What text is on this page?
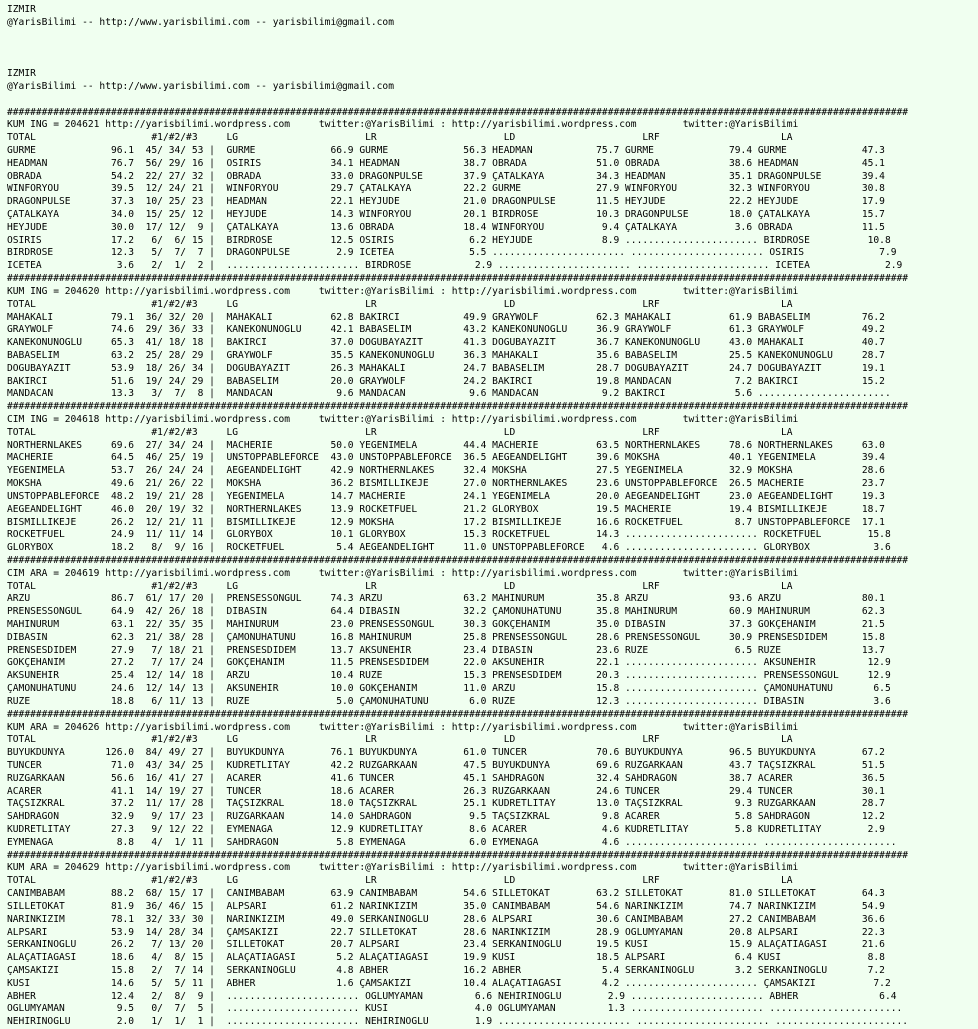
IZMIR
@YarisBilimi -- http://www.yarisbilimi.com -- yarisbilimi@gmail.com
IZMIR
@YarisBilimi -- http://www.yarisbilimi.com -- yarisbilimi@gmail.com
############################################################################################################################################################
KUM ING = 204621 http://yarisbilimi.wordpress.com     twitter:@YarisBilimi : http://yarisbilimi.wordpress.com        twitter:@YarisBilimi
TOTAL                    #1/#2/#3     LG                      LR                      LD                      LRF                     LA
GURME             96.1  45/ 34/ 53 |  GURME             66.9 GURME             56.3 HEADMAN           75.7 GURME             79.4 GURME             47.3
HEADMAN           76.7  56/ 29/ 16 |  OSIRIS            34.1 HEADMAN           38.7 OBRADA            51.0 OBRADA            38.6 HEADMAN           45.1
OBRADA            54.2  22/ 27/ 32 |  OBRADA            33.0 DRAGONPULSE       37.9 ÇATALKAYA         34.3 HEADMAN           35.1 DRAGONPULSE       39.4
WINFORYOU         39.5  12/ 24/ 21 |  WINFORYOU         29.7 ÇATALKAYA         22.2 GURME             27.9 WINFORYOU         32.3 WINFORYOU         30.8
DRAGONPULSE       37.3  10/ 25/ 23 |  HEADMAN           22.1 HEYJUDE           21.0 DRAGONPULSE       11.5 HEYJUDE           22.2 HEYJUDE           17.9
ÇATALKAYA         34.0  15/ 25/ 12 |  HEYJUDE           14.3 WINFORYOU         20.1 BIRDROSE          10.3 DRAGONPULSE       18.0 ÇATALKAYA         15.7
HEYJUDE           30.0  17/ 12/  9 |  ÇATALKAYA         13.6 OBRADA            18.4 WINFORYOU          9.4 ÇATALKAYA          3.6 OBRADA            11.5
OSIRIS            17.2   6/  6/ 15 |  BIRDROSE          12.5 OSIRIS             6.2 HEYJUDE            8.9 ....................... BIRDROSE          10.8
BIRDROSE          12.3   5/  7/  7 |  DRAGONPULSE        2.9 ICETEA             5.5 ....................... ....................... OSIRIS             7.9
ICETEA             3.6   2/  1/  2 |  ....................... BIRDROSE           2.9 ....................... ....................... ICETEA             2.9
############################################################################################################################################################
KUM ING = 204620 http://yarisbilimi.wordpress.com     twitter:@YarisBilimi : http://yarisbilimi.wordpress.com        twitter:@YarisBilimi
TOTAL                    #1/#2/#3     LG                      LR                      LD                      LRF                     LA
MAHAKALI          79.1  36/ 32/ 20 |  MAHAKALI          62.8 BAKIRCI           49.9 GRAYWOLF          62.3 MAHAKALI          61.9 BABASELIM         76.2
GRAYWOLF          74.6  29/ 36/ 33 |  KANEKONUNOGLU     42.1 BABASELIM         43.2 KANEKONUNOGLU     36.9 GRAYWOLF          61.3 GRAYWOLF          49.2
KANEKONUNOGLU     65.3  41/ 18/ 18 |  BAKIRCI           37.0 DOGUBAYAZIT       41.3 DOGUBAYAZIT       36.7 KANEKONUNOGLU     43.0 MAHAKALI          40.7
BABASELIM         63.2  25/ 28/ 29 |  GRAYWOLF          35.5 KANEKONUNOGLU     36.3 MAHAKALI          35.6 BABASELIM         25.5 KANEKONUNOGLU     28.7
DOGUBAYAZIT       53.9  18/ 26/ 34 |  DOGUBAYAZIT       26.3 MAHAKALI          24.7 BABASELIM         28.7 DOGUBAYAZIT       24.7 DOGUBAYAZIT       19.1
BAKIRCI           51.6  19/ 24/ 29 |  BABASELIM         20.0 GRAYWOLF          24.2 BAKIRCI           19.8 MANDACAN           7.2 BAKIRCI           15.2
MANDACAN          13.3   3/  7/  8 |  MANDACAN           9.6 MANDACAN           9.6 MANDACAN           9.2 BAKIRCI            5.6 .......................
############################################################################################################################################################
CIM ING = 204618 http://yarisbilimi.wordpress.com     twitter:@YarisBilimi : http://yarisbilimi.wordpress.com        twitter:@YarisBilimi
TOTAL                    #1/#2/#3     LG                      LR                      LD                      LRF                     LA
NORTHERNLAKES     69.6  27/ 34/ 24 |  MACHERIE          50.0 YEGENIMELA        44.4 MACHERIE          63.5 NORTHERNLAKES     78.6 NORTHERNLAKES     63.0
MACHERIE          64.5  46/ 25/ 19 |  UNSTOPPABLEFORCE  43.0 UNSTOPPABLEFORCE  36.5 AEGEANDELIGHT     39.6 MOKSHA            40.1 YEGENIMELA        39.4
YEGENIMELA        53.7  26/ 24/ 24 |  AEGEANDELIGHT     42.9 NORTHERNLAKES     32.4 MOKSHA            27.5 YEGENIMELA        32.9 MOKSHA            28.6
MOKSHA            49.6  21/ 26/ 22 |  MOKSHA            36.2 BISMILLIKEJE      27.0 NORTHERNLAKES     23.6 UNSTOPPABLEFORCE  26.5 MACHERIE          23.7
UNSTOPPABLEFORCE  48.2  19/ 21/ 28 |  YEGENIMELA        14.7 MACHERIE          24.1 YEGENIMELA        20.0 AEGEANDELIGHT     23.0 AEGEANDELIGHT     19.3
AEGEANDELIGHT     46.0  20/ 19/ 32 |  NORTHERNLAKES     13.9 ROCKETFUEL        21.2 GLORYBOX          19.5 MACHERIE          19.4 BISMILLIKEJE      18.7
BISMILLIKEJE      26.2  12/ 21/ 11 |  BISMILLIKEJE      12.9 MOKSHA            17.2 BISMILLIKEJE      16.6 ROCKETFUEL         8.7 UNSTOPPABLEFORCE  17.1
ROCKETFUEL        24.9  11/ 11/ 14 |  GLORYBOX          10.1 GLORYBOX          15.3 ROCKETFUEL        14.3 ....................... ROCKETFUEL        15.8
GLORYBOX          18.2   8/  9/ 16 |  ROCKETFUEL         5.4 AEGEANDELIGHT     11.0 UNSTOPPABLEFORCE   4.6 ....................... GLORYBOX           3.6
############################################################################################################################################################
CIM ARA = 204619 http://yarisbilimi.wordpress.com     twitter:@YarisBilimi : http://yarisbilimi.wordpress.com        twitter:@YarisBilimi
TOTAL                    #1/#2/#3     LG                      LR                      LD                      LRF                     LA
ARZU              86.7  61/ 17/ 20 |  PRENSESSONGÜL     74.3 ARZU              63.2 MAHINURUM         35.8 ARZU              93.6 ARZU              80.1
PRENSESSONGÜL     64.9  42/ 26/ 18 |  DIBASIN           64.4 DIBASIN           32.2 ÇAMÖNÜHATUNU      35.8 MAHINURUM         60.9 MAHINURUM         62.3
MAHINURUM         63.1  22/ 35/ 35 |  MAHINURUM         23.0 PRENSESSONGÜL     30.3 GÖKÇEHANIM        35.0 DIBASIN           37.3 GÖKÇEHANIM        21.5
DIBASIN           62.3  21/ 38/ 28 |  ÇAMÖNÜHATUNU      16.8 MAHINURUM         25.8 PRENSESSONGÜL     28.6 PRENSESSONGÜL     30.9 PRENSESDIDEM      15.8
PRENSESDIDEM      27.9   7/ 18/ 21 |  PRENSESDIDEM      13.7 AKSUNEHIR         23.4 DIBASIN           23.6 RUZE               6.5 RUZE              13.7
GÖKÇEHANIM        27.2   7/ 17/ 24 |  GÖKÇEHANIM        11.5 PRENSESDIDEM      22.0 AKSUNEHIR         22.1 ....................... AKSUNEHIR         12.9
AKSUNEHIR         25.4  12/ 14/ 18 |  ARZU              10.4 RUZE              15.3 PRENSESDIDEM      20.3 ....................... PRENSESSONGÜL     12.9
ÇAMÖNÜHATUNU      24.6  12/ 14/ 13 |  AKSUNEHIR         10.0 GÖKÇEHANIM        11.0 ARZU              15.8 ....................... ÇAMÖNÜHATUNU       6.5
RUZE              18.8   6/ 11/ 13 |  RUZE               5.0 ÇAMÖNÜHATUNU       6.0 RUZE              12.3 ....................... DIBASIN            3.6
############################################################################################################################################################
KUM ARA = 204626 http://yarisbilimi.wordpress.com     twitter:@YarisBilimi : http://yarisbilimi.wordpress.com        twitter:@YarisBilimi
TOTAL                    #1/#2/#3     LG                      LR                      LD                      LRF                     LA
BÜYÜKDÜNYA       126.0  84/ 49/ 27 |  BÜYÜKDÜNYA        76.1 BÜYÜKDÜNYA        61.0 TUNCER            70.6 BÜYÜKDÜNYA        96.5 BÜYÜKDÜNYA        67.2
TUNCER            71.0  43/ 34/ 25 |  KUDRETLITAY       42.2 RÜZGARKAAN        47.5 BÜYÜKDÜNYA        69.6 RÜZGARKAAN        43.7 TAÇSIZKRAL        51.5
RÜZGARKAAN        56.6  16/ 41/ 27 |  ACARER            41.6 TUNCER            45.1 SAHDRAGON         32.4 SAHDRAGON         38.7 ACARER            36.5
ACARER            41.1  14/ 19/ 27 |  TUNCER            18.6 ACARER            26.3 RÜZGARKAAN        24.6 TUNCER            29.4 TUNCER            30.1
TAÇSIZKRAL        37.2  11/ 17/ 28 |  TAÇSIZKRAL        18.0 TAÇSIZKRAL        25.1 KUDRETLITAY       13.0 TAÇSIZKRAL         9.3 RÜZGARKAAN        28.7
SAHDRAGON         32.9   9/ 17/ 23 |  RÜZGARKAAN        14.0 SAHDRAGON          9.5 TAÇSIZKRAL         9.8 ACARER             5.8 SAHDRAGON         12.2
KUDRETLITAY       27.3   9/ 12/ 22 |  EYMENAGA          12.9 KUDRETLITAY        8.6 ACARER             4.6 KUDRETLITAY        5.8 KUDRETLITAY        2.9
EYMENAGA           8.8   4/  1/ 11 |  SAHDRAGON          5.8 EYMENAGA           6.0 EYMENAGA           4.6 ....................... .......................
############################################################################################################################################################
KUM ARA = 204629 http://yarisbilimi.wordpress.com     twitter:@YarisBilimi : http://yarisbilimi.wordpress.com        twitter:@YarisBilimi
TOTAL                    #1/#2/#3     LG                      LR                      LD                      LRF                     LA
CANIMBABAM        88.2  68/ 15/ 17 |  CANIMBABAM        63.9 CANIMBABAM        54.6 SILLETOKAT        63.2 SILLETOKAT        81.0 SILLETOKAT        64.3
SILLETOKAT        81.9  36/ 46/ 15 |  ALPSARI           61.2 NARINKIZIM        35.0 CANIMBABAM        54.6 NARINKIZIM        74.7 NARINKIZIM        54.9
NARINKIZIM        78.1  32/ 33/ 30 |  NARINKIZIM        49.0 SERKANINOGLU      28.6 ALPSARI           30.6 CANIMBABAM        27.2 CANIMBABAM        36.6
ALPSARI           53.9  14/ 28/ 34 |  ÇAMSAKIZI         22.7 SILLETOKAT        28.6 NARINKIZIM        28.9 OGLUMYAMAN        20.8 ALPSARI           22.3
SERKANINOGLU      26.2   7/ 13/ 20 |  SILLETOKAT        20.7 ALPSARI           23.4 SERKANINOGLU      19.5 KÜSI              15.9 ALAÇATIAGASI      21.6
ALAÇATIAGASI      18.6   4/  8/ 15 |  ALAÇATIAGASI       5.2 ALAÇATIAGASI      19.9 KÜSI              18.5 ALPSARI            6.4 KÜSI               8.8
ÇAMSAKIZI         15.8   2/  7/ 14 |  SERKANINOGLU       4.8 ABHER             16.2 ABHER              5.4 SERKANINOGLU       3.2 SERKANINOGLU       7.2
KÜSI              14.6   5/  5/ 11 |  ABHER              1.6 ÇAMSAKIZI         10.4 ALAÇATIAGASI       4.2 ....................... ÇAMSAKIZI          7.2
ABHER             12.4   2/  8/  9 |  ....................... OGLUMYAMAN         6.6 NEHIRINOGLU        2.9 ....................... ABHER              6.4
OGLUMYAMAN         9.5   0/  7/  5 |  ....................... KÜSI               4.0 OGLUMYAMAN         1.3 ....................... .......................
NEHIRINOGLU        2.0   1/  1/  1 |  ....................... NEHIRINOGLU        1.9 ....................... ....................... .......................
